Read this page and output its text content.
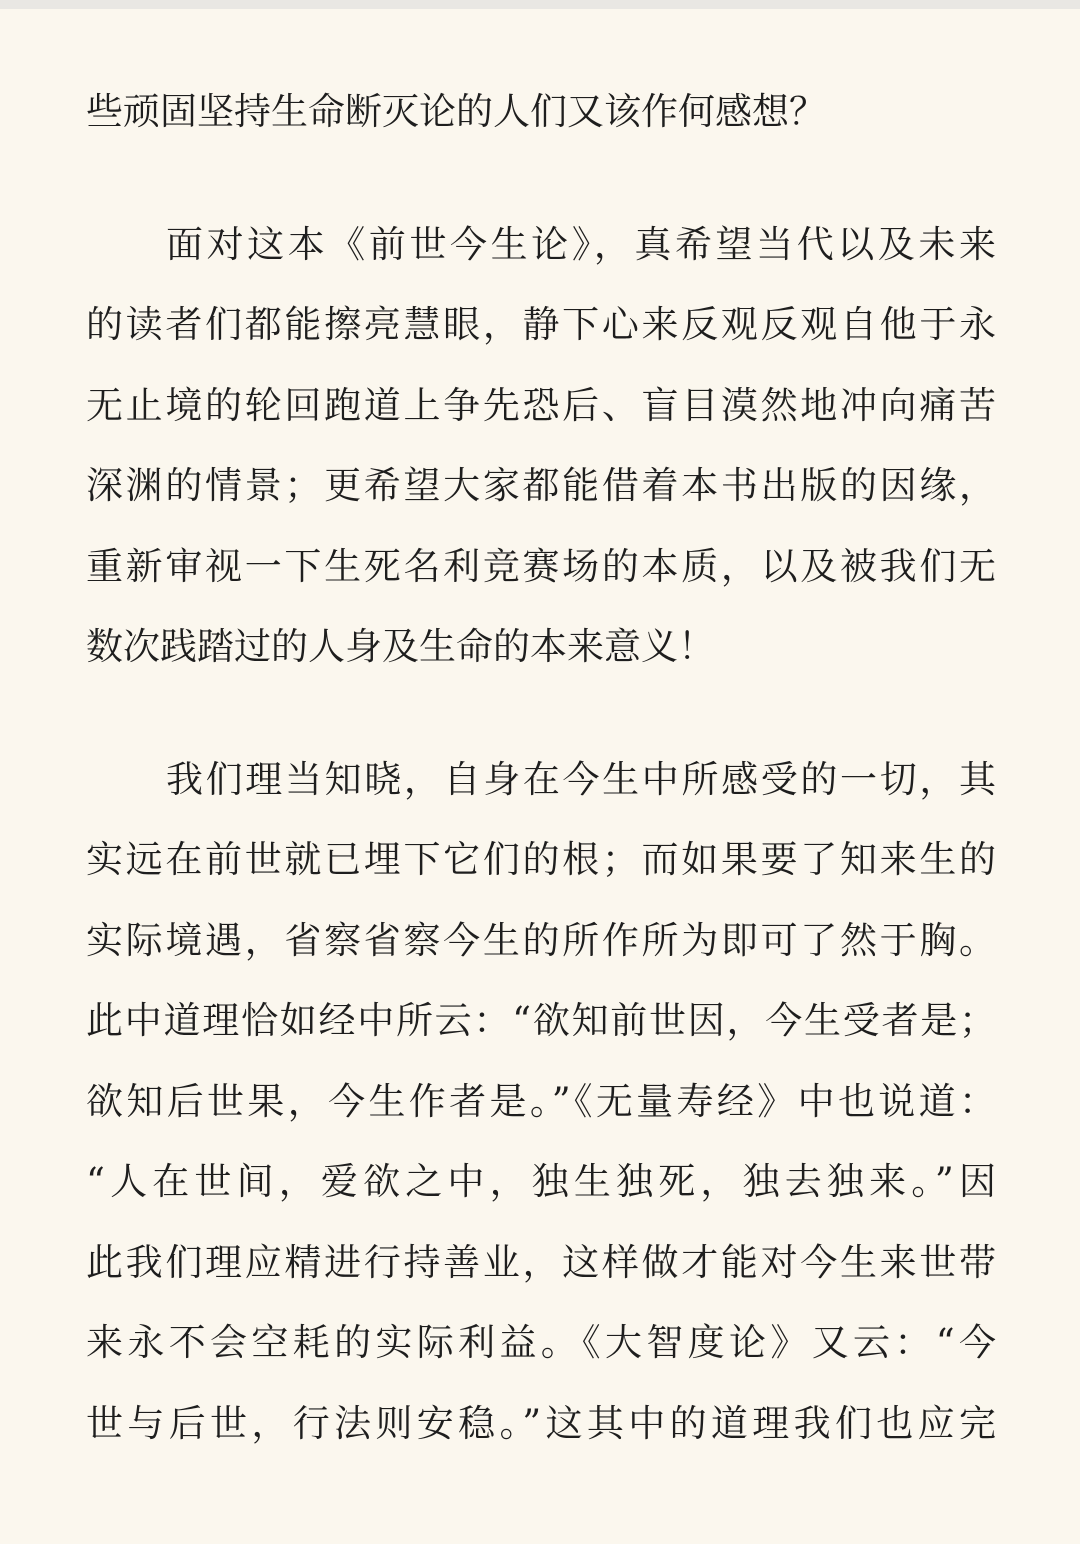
些顽固坚持生命断灭论的人们又该作何感想？
面对这本《前世今生论》，真希望当代以及未来
的读者们都能擦亮慧眼，静下心来反观反观自他于永
无止境的轮回跑道上争先恐后、盲目漠然地冲向痛苦
深渊的情景；更希望大家都能借着本书出版的因缘，
重新审视一下生死名利竞赛场的本质，以及被我们无
数次践踏过的人身及生命的本来意义！
我们理当知晓，自身在今生中所感受的一切，其
实远在前世就已埋下它们的根；而如果要了知来生的
实际境遇，省察省察今生的所作所为即可了然于胸。
此中道理恰如经中所云：“欲知前世因，今生受者是；
欲知后世果，今生作者是。”《无量寿经》中也说道：
“人在世间，爱欲之中，独生独死，独去独来。”因
此我们理应精进行持善业，这样做才能对今生来世带
来永不会空耗的实际利益。《大智度论》又云：“今
世与后世，行法则安稳。”这其中的道理我们也应完
